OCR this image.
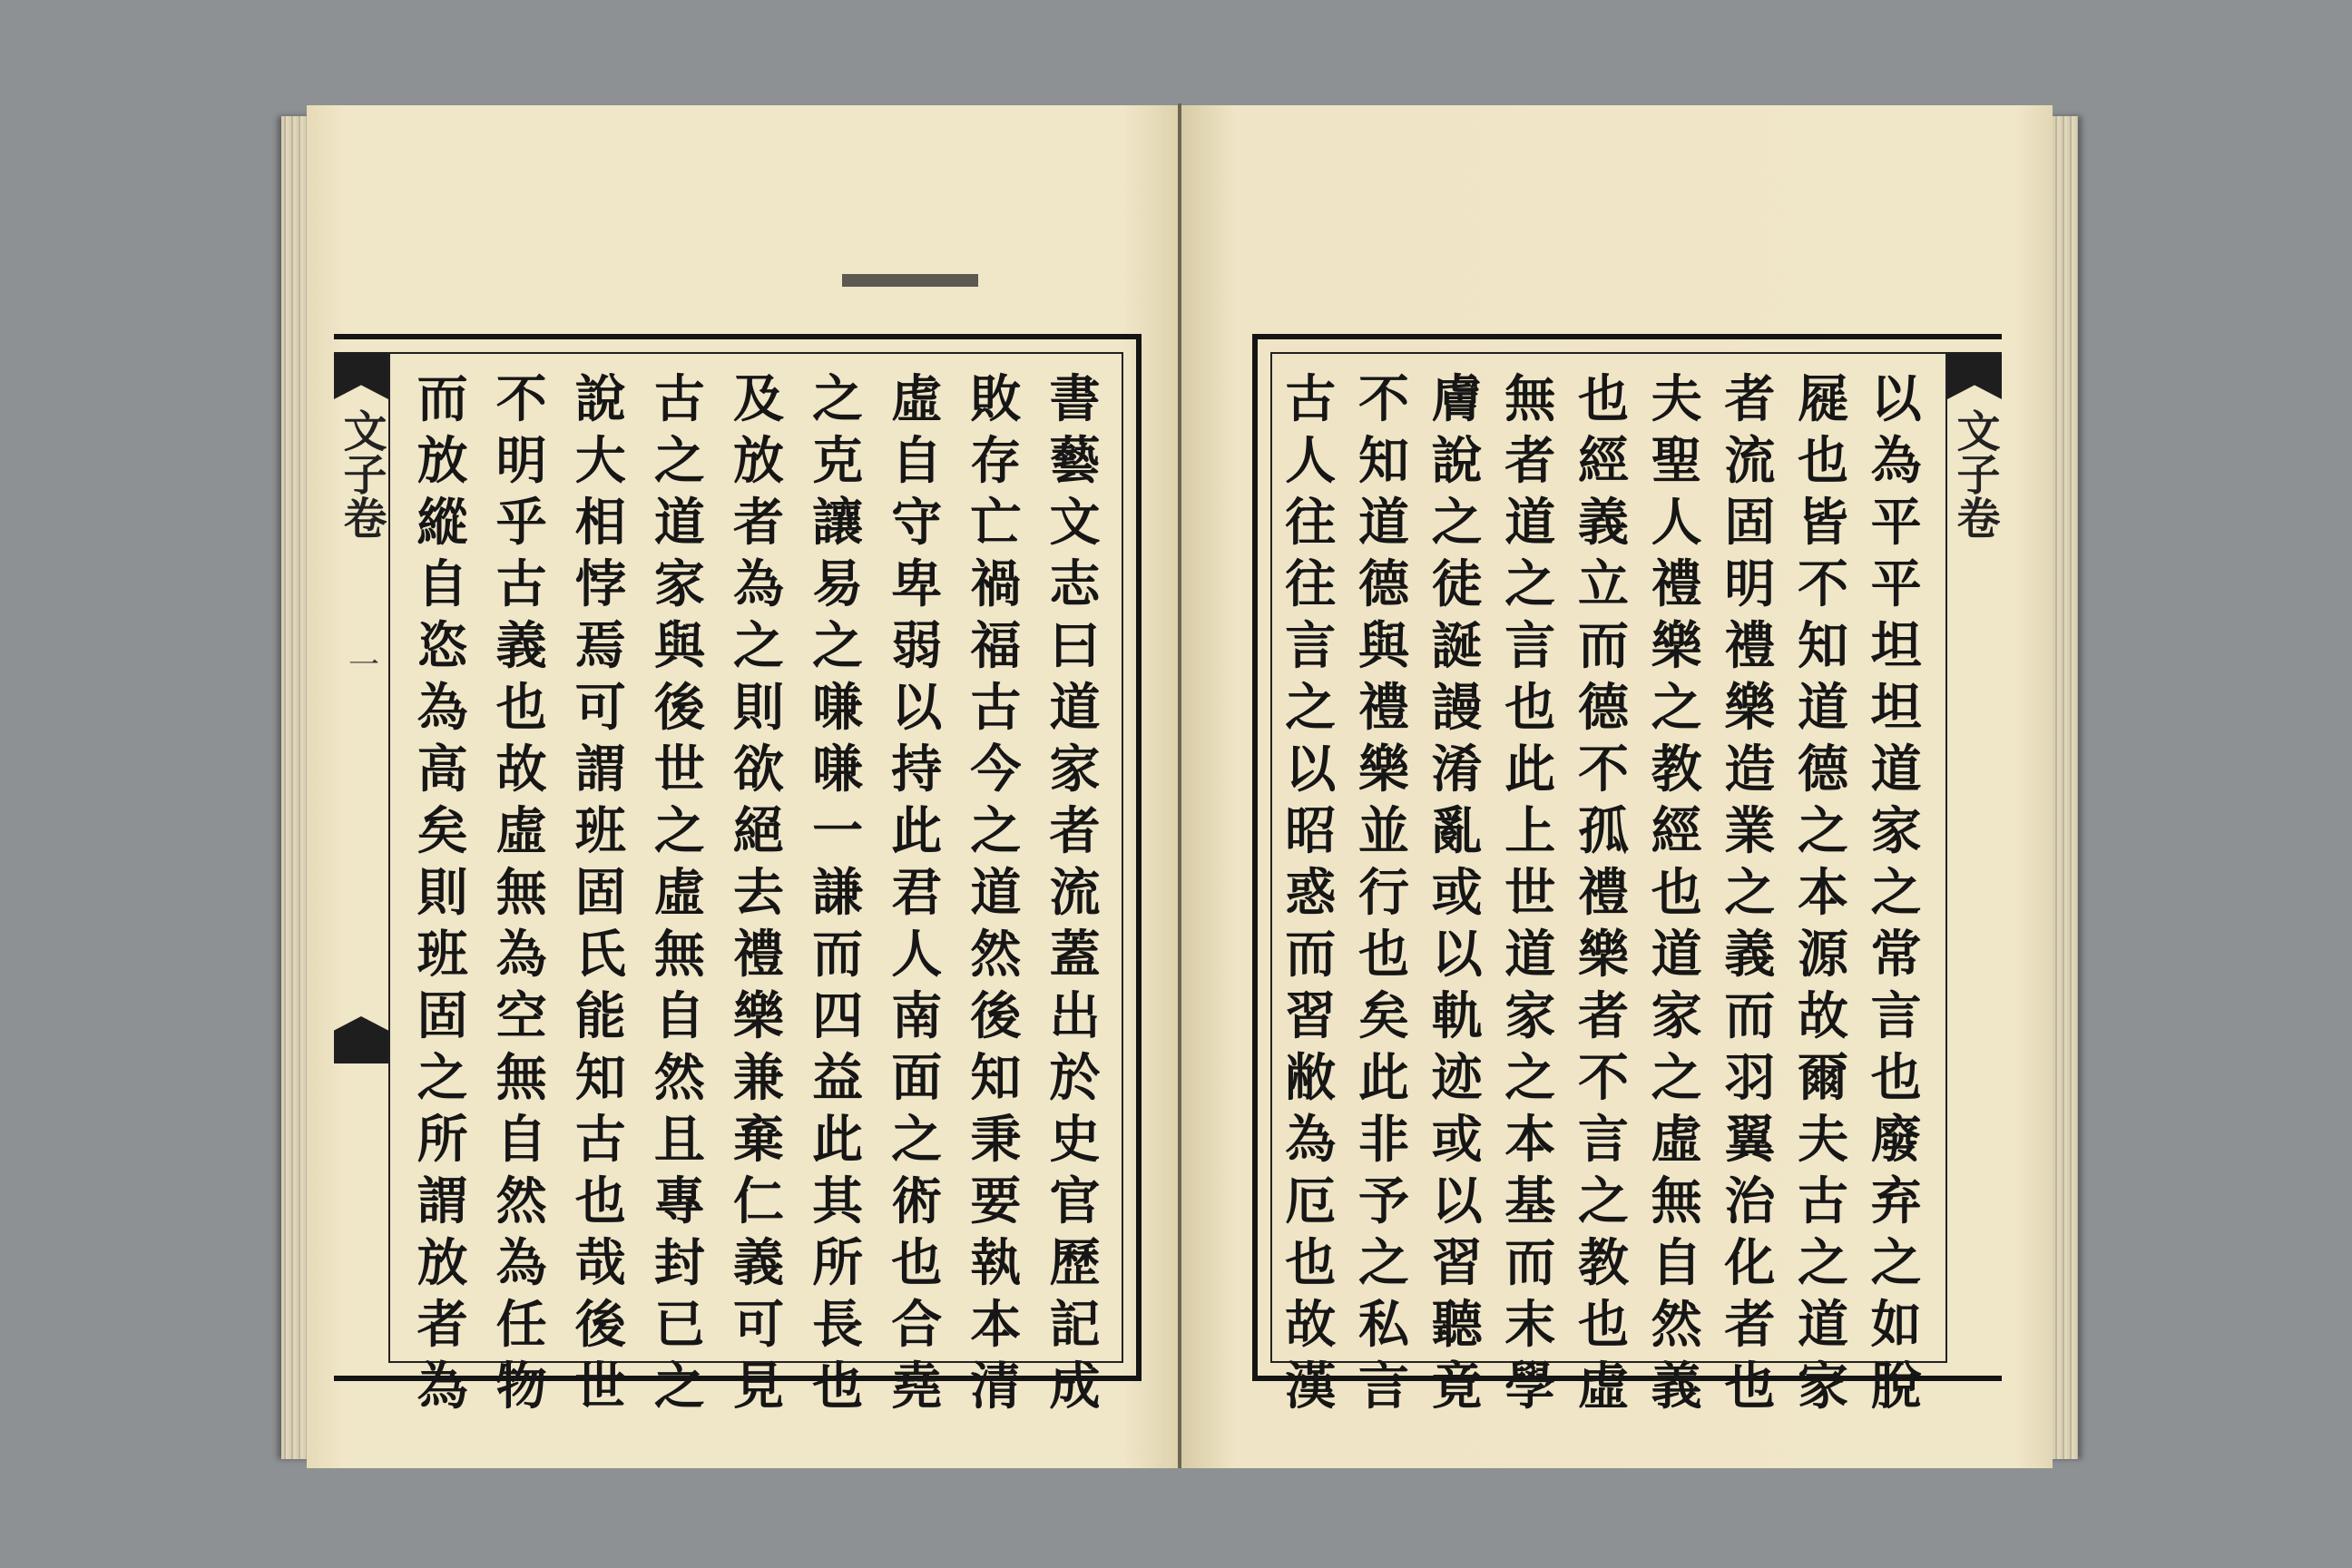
文子卷
一
書
藝
文
志
曰
道
家
者
流
蓋
出
於
史
官
歷
記
成
敗
存
亡
禍
福
古
今
之
道
然
後
知
秉
要
執
本
清
虛
自
守
卑
弱
以
持
此
君
人
南
面
之
術
也
合
堯
之
克
讓
易
之
嗛
嗛
一
謙
而
四
益
此
其
所
長
也
及
放
者
為
之
則
欲
絕
去
禮
樂
兼
棄
仁
義
可
見
古
之
道
家
與
後
世
之
虛
無
自
然
且
專
封
已
之
說
大
相
悖
焉
可
謂
班
固
氏
能
知
古
也
哉
後
世
不
明
乎
古
義
也
故
虛
無
為
空
無
自
然
為
任
物
而
放
縱
自
恣
為
高
矣
則
班
固
之
所
謂
放
者
為
文子卷
以
為
平
平
坦
坦
道
家
之
常
言
也
廢
弃
之
如
脫
屣
也
皆
不
知
道
德
之
本
源
故
爾
夫
古
之
道
家
者
流
固
明
禮
樂
造
業
之
義
而
羽
翼
治
化
者
也
夫
聖
人
禮
樂
之
教
經
也
道
家
之
虛
無
自
然
義
也
經
義
立
而
德
不
孤
禮
樂
者
不
言
之
教
也
虛
無
者
道
之
言
也
此
上
世
道
家
之
本
基
而
末
學
膚
說
之
徒
誕
謾
淆
亂
或
以
軌
迹
或
以
習
聽
竟
不
知
道
德
與
禮
樂
並
行
也
矣
此
非
予
之
私
言
古
人
往
往
言
之
以
昭
惑
而
習
敝
為
厄
也
故
漢
